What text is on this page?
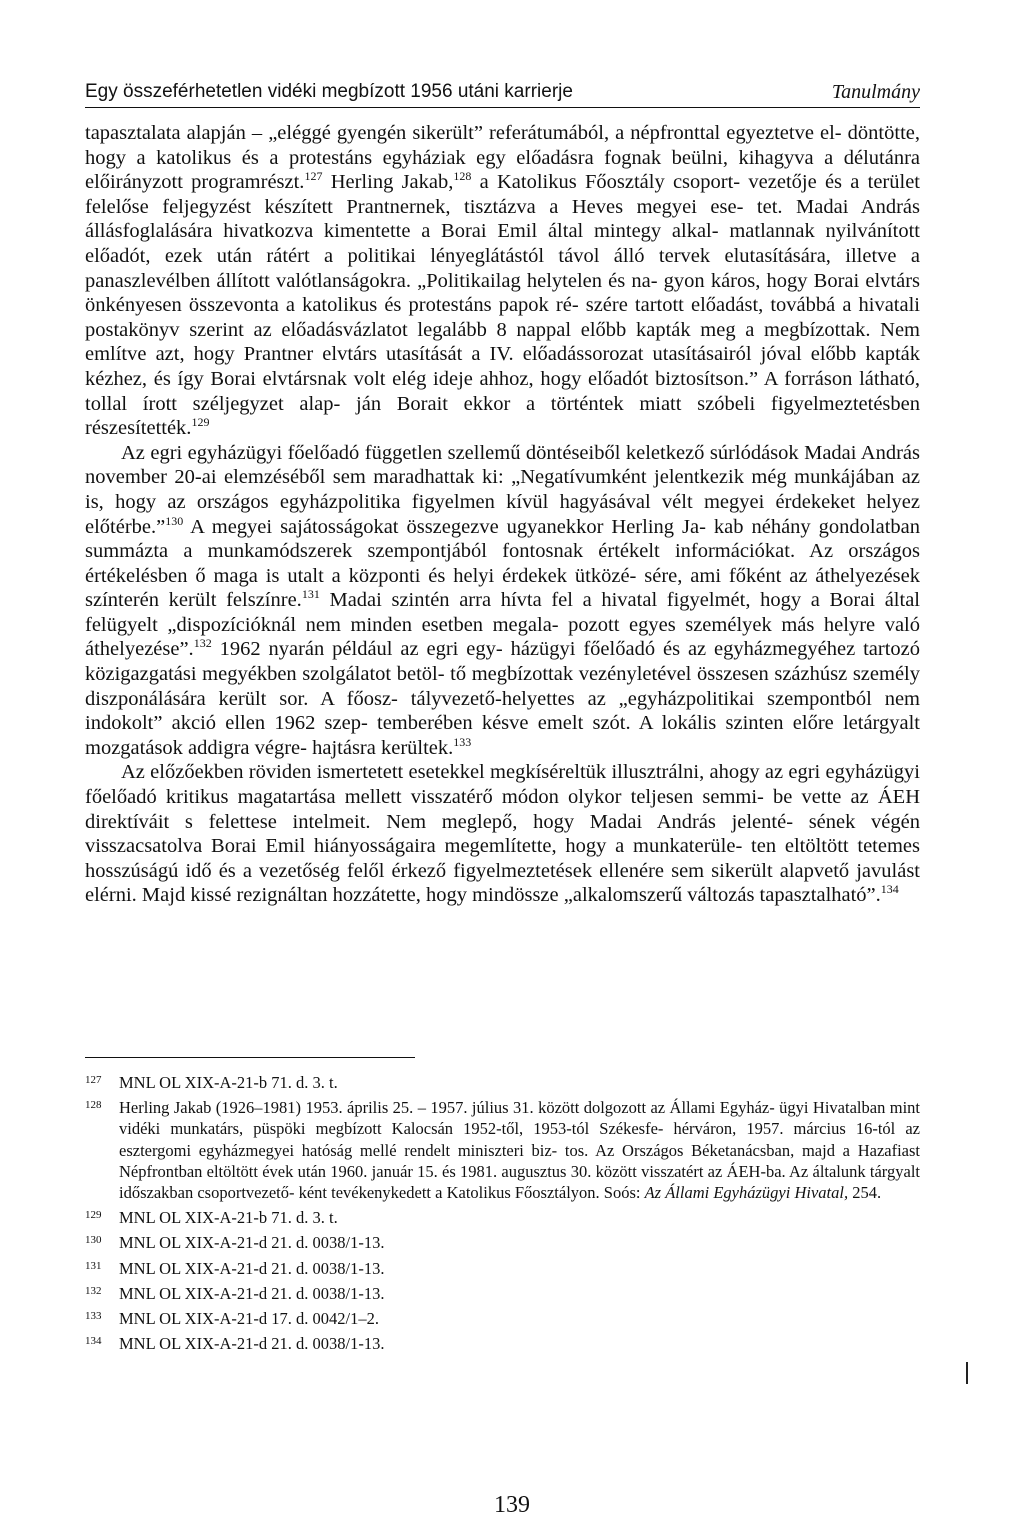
Egy összeférhetetlen vidéki megbízott 1956 utáni karrierje	Tanulmány

tapasztalata alapján – „eléggé gyengén sikerült” referátumából, a népfronttal egyeztetve el- döntötte, hogy a katolikus és a protestáns egyháziak egy előadásra fognak beülni, kihagyva a délutánra előirányzott programrészt.$^{127}$ Herling Jakab,$^{128}$ a Katolikus Főosztály csoport- vezetője és a terület felelőse feljegyzést készített Prantnernek, tisztázva a Heves megyei ese- tet. Madai András állásfoglalására hivatkozva kimentette a Borai Emil által mintegy alkal- matlannak nyilvánított előadót, ezek után rátért a politikai lényeglátástól távol álló tervek elutasítására, illetve a panaszlevélben állított valótlanságokra. „Politikailag helytelen és na- gyon káros, hogy Borai elvtárs önkényesen összevonta a katolikus és protestáns papok ré- szére tartott előadást, továbbá a hivatali postakönyv szerint az előadásvázlatot legalább 8 nappal előbb kapták meg a megbízottak. Nem említve azt, hogy Prantner elvtárs utasítását a IV. előadássorozat utasításairól jóval előbb kapták kézhez, és így Borai elvtársnak volt elég ideje ahhoz, hogy előadót biztosítson.” A forráson látható, tollal írott széljegyzet alap- ján Borait ekkor a történtek miatt szóbeli figyelmeztetésben részesítették.$^{129}$

Az egri egyházügyi főelőadó független szellemű döntéseiből keletkező súrlódások Madai András november 20-ai elemzéséből sem maradhattak ki: „Negatívumként jelentkezik még munkájában az is, hogy az országos egyházpolitika figyelmen kívül hagyásával vélt megyei érdekeket helyez előtérbe.”$^{130}$ A megyei sajátosságokat összegezve ugyanekkor Herling Ja- kab néhány gondolatban summázta a munkamódszerek szempontjából fontosnak értékelt információkat. Az országos értékelésben ő maga is utalt a központi és helyi érdekek ütközé- sére, ami főként az áthelyezések színterén került felszínre.$^{131}$ Madai szintén arra hívta fel a hivatal figyelmét, hogy a Borai által felügyelt „dispozícióknál nem minden esetben megala- pozott egyes személyek más helyre való áthelyezése”.$^{132}$ 1962 nyarán például az egri egy- házügyi főelőadó és az egyházmegyéhez tartozó közigazgatási megyékben szolgálatot betöl- tő megbízottak vezényletével összesen százhúsz személy diszponálására került sor. A főosz- tályvezető-helyettes az „egyházpolitikai szempontból nem indokolt” akció ellen 1962 szep- temberében késve emelt szót. A lokális szinten előre letárgyalt mozgatások addigra végre- hajtásra kerültek.$^{133}$

Az előzőekben röviden ismertetett esetekkel megkíséreltük illusztrálni, ahogy az egri egyházügyi főelőadó kritikus magatartása mellett visszatérő módon olykor teljesen semmi- be vette az ÁEH direktíváit s felettese intelmeit. Nem meglepő, hogy Madai András jelenté- sének végén visszacsatolva Borai Emil hiányosságaira megemlítette, hogy a munkaterüle- ten eltöltött tetemes hosszúságú idő és a vezetőség felől érkező figyelmeztetések ellenére sem sikerült alapvető javulást elérni. Majd kissé rezignáltan hozzátette, hogy mindössze „alkalomszerű változás tapasztalható”.$^{134}$

127	MNL OL XIX-A-21-b 71. d. 3. t.
128	Herling Jakab (1926–1981) 1953. április 25. – 1957. július 31. között dolgozott az Állami Egyház- ügyi Hivatalban mint vidéki munkatárs, püspöki megbízott Kalocsán 1952-től, 1953-tól Székesfe- hérváron, 1957. március 16-tól az esztergomi egyházmegyei hatóság mellé rendelt miniszteri biz- tos. Az Országos Béketanácsban, majd a Hazafiast Népfrontban eltöltött évek után 1960. január 15. és 1981. augusztus 30. között visszatért az ÁEH-ba. Az általunk tárgyalt időszakban csoportvezető- ként tevékenykedett a Katolikus Főosztályon. Soós: Az Állami Egyházügyi Hivatal, 254.
129	MNL OL XIX-A-21-b 71. d. 3. t.
130	MNL OL XIX-A-21-d 21. d. 0038/1-13.
131	MNL OL XIX-A-21-d 21. d. 0038/1-13.
132	MNL OL XIX-A-21-d 21. d. 0038/1-13.
133	MNL OL XIX-A-21-d 17. d. 0042/1–2.
134	MNL OL XIX-A-21-d 21. d. 0038/1-13.
139
